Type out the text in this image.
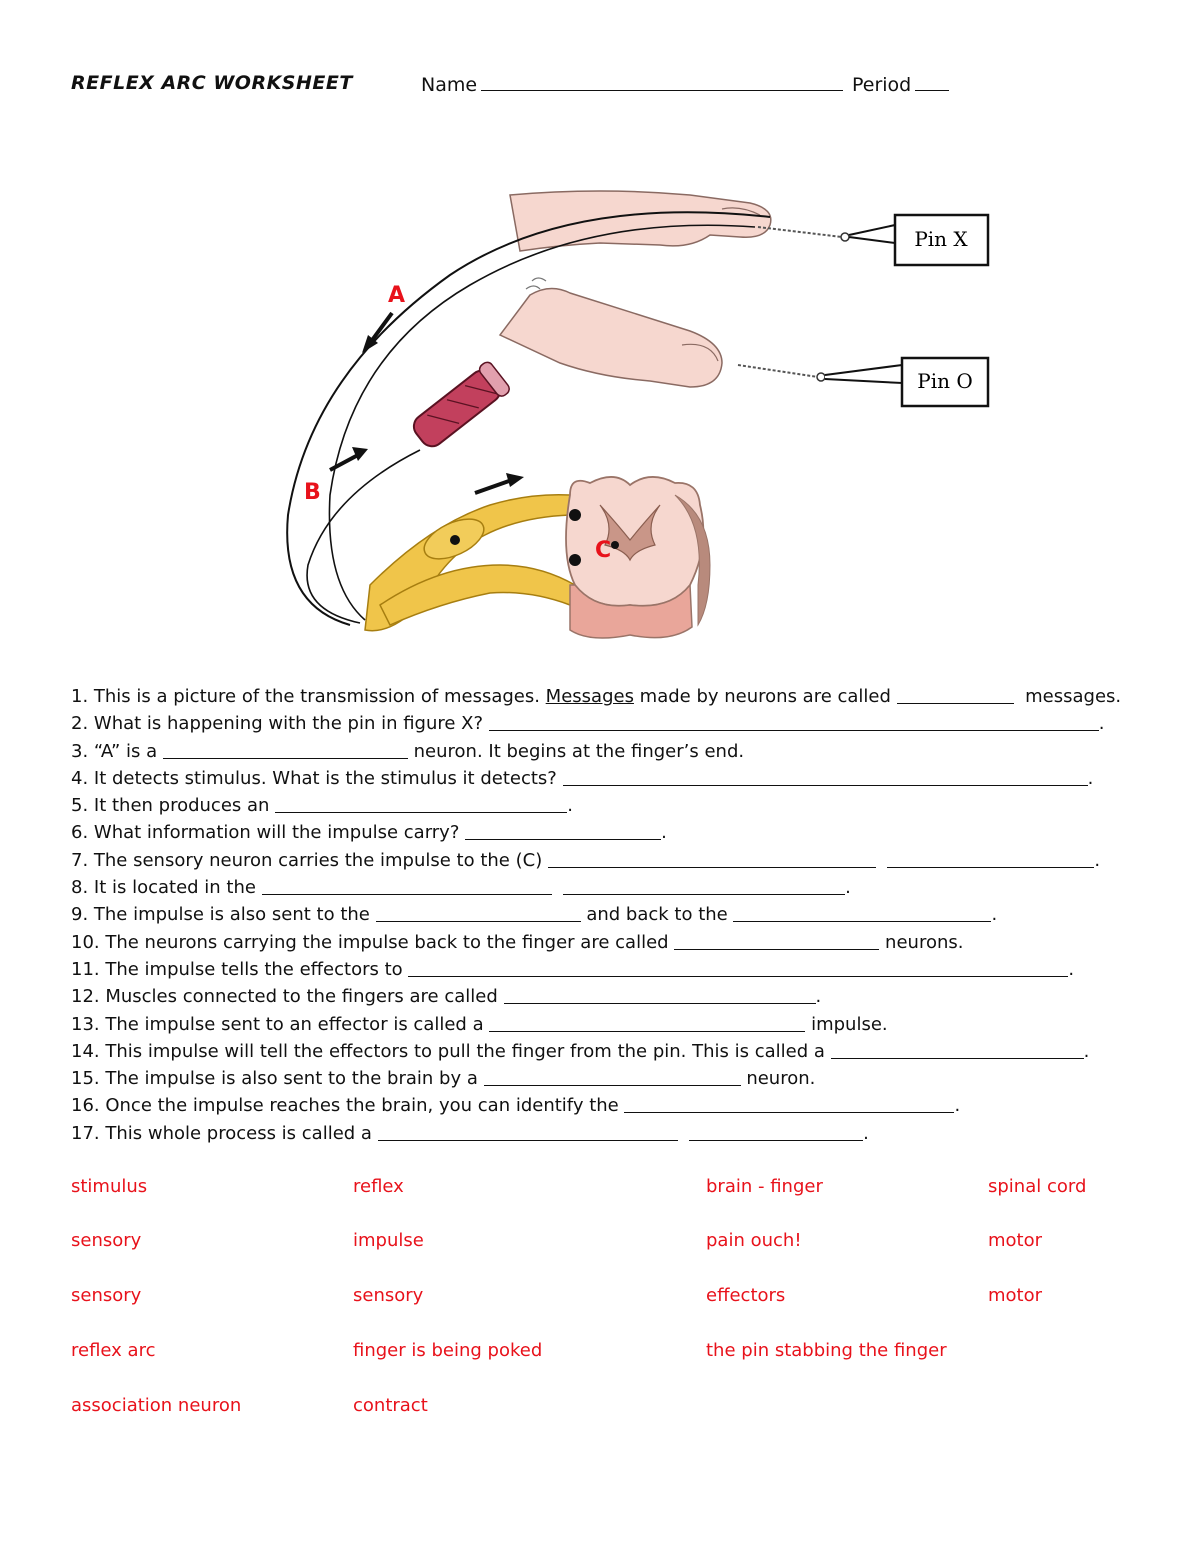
REFLEX ARC WORKSHEET	Name	Period
Pin X
Pin O
A
B
C
1. This is a picture of the transmission of messages. Messages made by neurons are called	messages.
2. What is happening with the pin in figure X?	.
3. “A” is a	neuron. It begins at the finger’s end.
4. It detects stimulus. What is the stimulus it detects?	.
5. It then produces an	.
6. What information will the impulse carry?	.
7. The sensory neuron carries the impulse to the (C)	.
8. It is located in the	.
9. The impulse is also sent to the	and back to the	.
10. The neurons carrying the impulse back to the finger are called	neurons.
11. The impulse tells the effectors to	.
12. Muscles connected to the fingers are called	.
13. The impulse sent to an effector is called a	impulse.
14. This impulse will tell the effectors to pull the finger from the pin. This is called a	.
15. The impulse is also sent to the brain by a	neuron.
16. Once the impulse reaches the brain, you can identify the	.
17. This whole process is called a	.
stimulus	reflex	brain - finger	spinal cord
sensory	impulse	pain ouch!	motor
sensory	sensory	effectors	motor
reflex arc	finger is being poked	the pin stabbing the finger
association neuron	contract
